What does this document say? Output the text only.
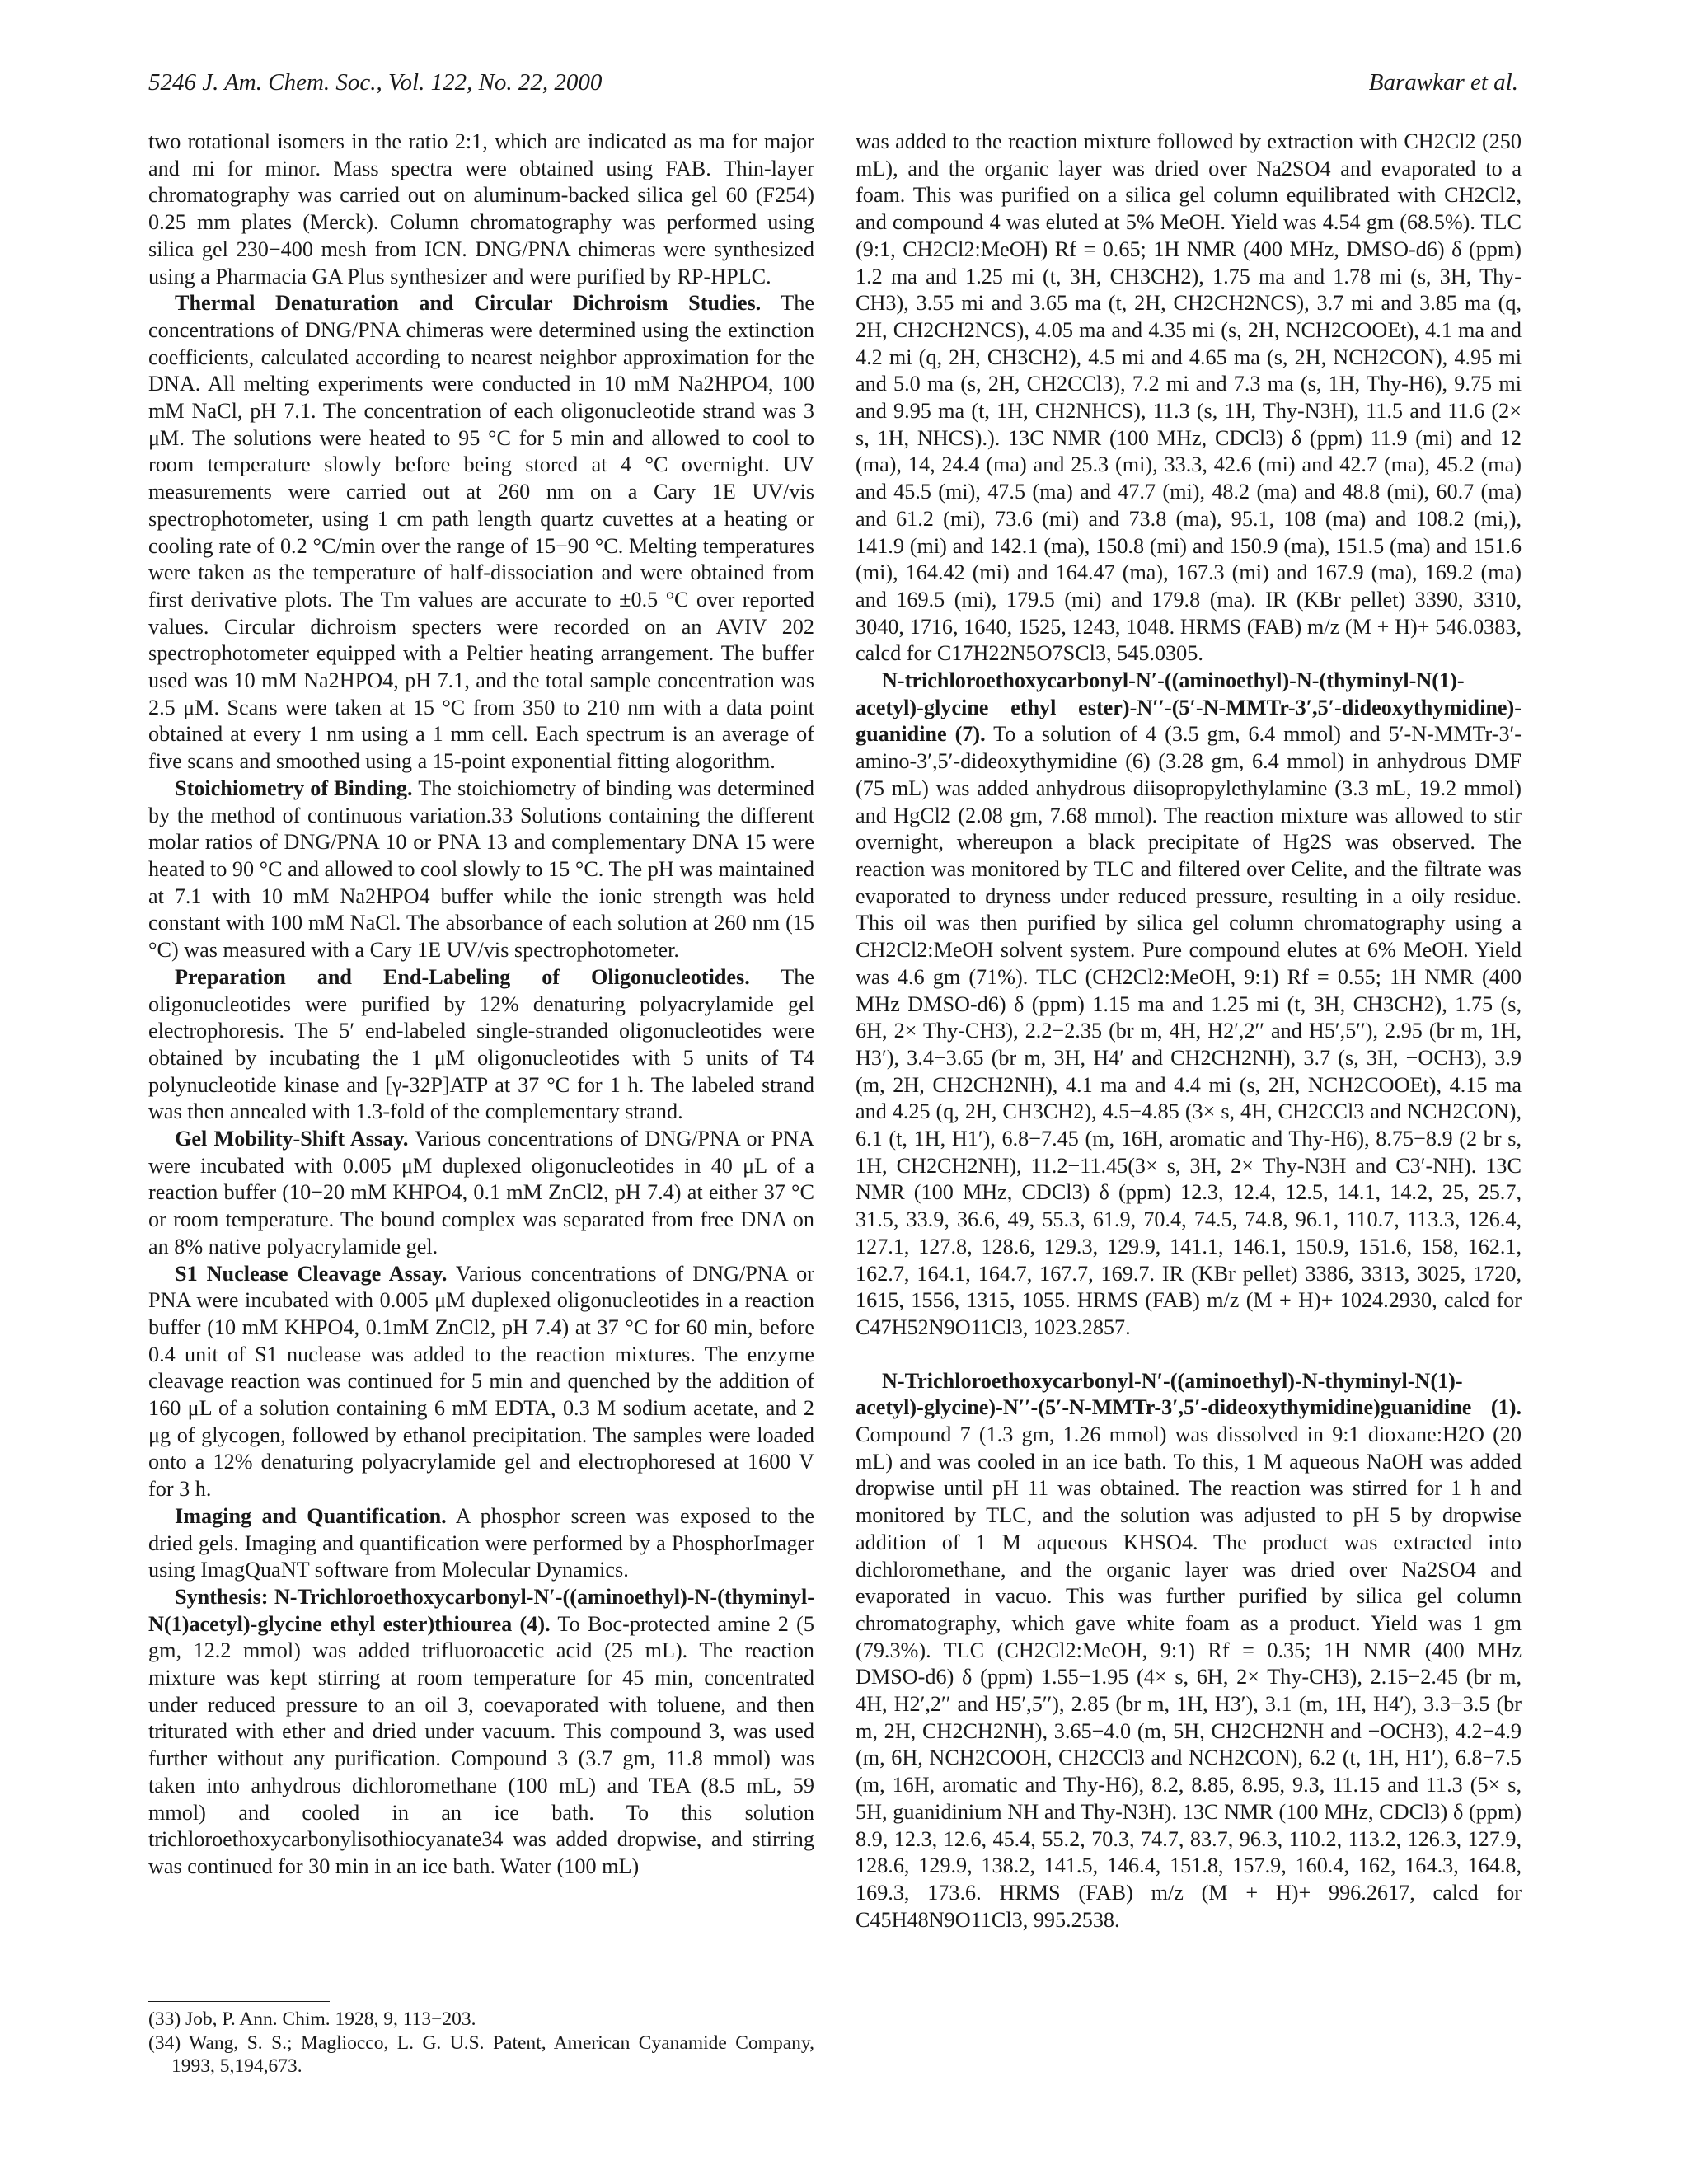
5246 J. Am. Chem. Soc., Vol. 122, No. 22, 2000	Barawkar et al.

two rotational isomers in the ratio 2:1, which are indicated as ma for major and mi for minor. Mass spectra were obtained using FAB. Thin-layer chromatography was carried out on aluminum-backed silica gel 60 (F254) 0.25 mm plates (Merck). Column chromatography was performed using silica gel 230−400 mesh from ICN. DNG/PNA chimeras were synthesized using a Pharmacia GA Plus synthesizer and were purified by RP-HPLC.

Thermal Denaturation and Circular Dichroism Studies. The concentrations of DNG/PNA chimeras were determined using the extinction coefficients, calculated according to nearest neighbor approximation for the DNA. All melting experiments were conducted in 10 mM Na2HPO4, 100 mM NaCl, pH 7.1. The concentration of each oligonucleotide strand was 3 μM. The solutions were heated to 95 °C for 5 min and allowed to cool to room temperature slowly before being stored at 4 °C overnight. UV measurements were carried out at 260 nm on a Cary 1E UV/vis spectrophotometer, using 1 cm path length quartz cuvettes at a heating or cooling rate of 0.2 °C/min over the range of 15−90 °C. Melting temperatures were taken as the temperature of half-dissociation and were obtained from first derivative plots. The Tm values are accurate to ±0.5 °C over reported values. Circular dichroism specters were recorded on an AVIV 202 spectrophotometer equipped with a Peltier heating arrangement. The buffer used was 10 mM Na2HPO4, pH 7.1, and the total sample concentration was 2.5 μM. Scans were taken at 15 °C from 350 to 210 nm with a data point obtained at every 1 nm using a 1 mm cell. Each spectrum is an average of five scans and smoothed using a 15-point exponential fitting alogorithm.

Stoichiometry of Binding. The stoichiometry of binding was determined by the method of continuous variation.33 Solutions containing the different molar ratios of DNG/PNA 10 or PNA 13 and complementary DNA 15 were heated to 90 °C and allowed to cool slowly to 15 °C. The pH was maintained at 7.1 with 10 mM Na2HPO4 buffer while the ionic strength was held constant with 100 mM NaCl. The absorbance of each solution at 260 nm (15 °C) was measured with a Cary 1E UV/vis spectrophotometer.

Preparation and End-Labeling of Oligonucleotides. The oligonucleotides were purified by 12% denaturing polyacrylamide gel electrophoresis. The 5′ end-labeled single-stranded oligonucleotides were obtained by incubating the 1 μM oligonucleotides with 5 units of T4 polynucleotide kinase and [γ-32P]ATP at 37 °C for 1 h. The labeled strand was then annealed with 1.3-fold of the complementary strand.

Gel Mobility-Shift Assay. Various concentrations of DNG/PNA or PNA were incubated with 0.005 μM duplexed oligonucleotides in 40 μL of a reaction buffer (10−20 mM KHPO4, 0.1 mM ZnCl2, pH 7.4) at either 37 °C or room temperature. The bound complex was separated from free DNA on an 8% native polyacrylamide gel.

S1 Nuclease Cleavage Assay. Various concentrations of DNG/PNA or PNA were incubated with 0.005 μM duplexed oligonucleotides in a reaction buffer (10 mM KHPO4, 0.1mM ZnCl2, pH 7.4) at 37 °C for 60 min, before 0.4 unit of S1 nuclease was added to the reaction mixtures. The enzyme cleavage reaction was continued for 5 min and quenched by the addition of 160 μL of a solution containing 6 mM EDTA, 0.3 M sodium acetate, and 2 μg of glycogen, followed by ethanol precipitation. The samples were loaded onto a 12% denaturing polyacrylamide gel and electrophoresed at 1600 V for 3 h.

Imaging and Quantification. A phosphor screen was exposed to the dried gels. Imaging and quantification were performed by a PhosphorImager using ImagQuaNT software from Molecular Dynamics.

Synthesis: N-Trichloroethoxycarbonyl-N′-((aminoethyl)-N-(thyminyl-N(1)acetyl)-glycine ethyl ester)thiourea (4). To Boc-protected amine 2 (5 gm, 12.2 mmol) was added trifluoroacetic acid (25 mL). The reaction mixture was kept stirring at room temperature for 45 min, concentrated under reduced pressure to an oil 3, coevaporated with toluene, and then triturated with ether and dried under vacuum. This compound 3, was used further without any purification. Compound 3 (3.7 gm, 11.8 mmol) was taken into anhydrous dichloromethane (100 mL) and TEA (8.5 mL, 59 mmol) and cooled in an ice bath. To this solution trichloroethoxycarbonylisothiocyanate34 was added dropwise, and stirring was continued for 30 min in an ice bath. Water (100 mL)

(33) Job, P. Ann. Chim. 1928, 9, 113−203.

(34) Wang, S. S.; Magliocco, L. G. U.S. Patent, American Cyanamide Company, 1993, 5,194,673.

was added to the reaction mixture followed by extraction with CH2Cl2 (250 mL), and the organic layer was dried over Na2SO4 and evaporated to a foam. This was purified on a silica gel column equilibrated with CH2Cl2, and compound 4 was eluted at 5% MeOH. Yield was 4.54 gm (68.5%). TLC (9:1, CH2Cl2:MeOH) Rf = 0.65; 1H NMR (400 MHz, DMSO-d6) δ (ppm) 1.2 ma and 1.25 mi (t, 3H, CH3CH2), 1.75 ma and 1.78 mi (s, 3H, Thy-CH3), 3.55 mi and 3.65 ma (t, 2H, CH2CH2NCS), 3.7 mi and 3.85 ma (q, 2H, CH2CH2NCS), 4.05 ma and 4.35 mi (s, 2H, NCH2COOEt), 4.1 ma and 4.2 mi (q, 2H, CH3CH2), 4.5 mi and 4.65 ma (s, 2H, NCH2CON), 4.95 mi and 5.0 ma (s, 2H, CH2CCl3), 7.2 mi and 7.3 ma (s, 1H, Thy-H6), 9.75 mi and 9.95 ma (t, 1H, CH2NHCS), 11.3 (s, 1H, Thy-N3H), 11.5 and 11.6 (2× s, 1H, NHCS).). 13C NMR (100 MHz, CDCl3) δ (ppm) 11.9 (mi) and 12 (ma), 14, 24.4 (ma) and 25.3 (mi), 33.3, 42.6 (mi) and 42.7 (ma), 45.2 (ma) and 45.5 (mi), 47.5 (ma) and 47.7 (mi), 48.2 (ma) and 48.8 (mi), 60.7 (ma) and 61.2 (mi), 73.6 (mi) and 73.8 (ma), 95.1, 108 (ma) and 108.2 (mi,), 141.9 (mi) and 142.1 (ma), 150.8 (mi) and 150.9 (ma), 151.5 (ma) and 151.6 (mi), 164.42 (mi) and 164.47 (ma), 167.3 (mi) and 167.9 (ma), 169.2 (ma) and 169.5 (mi), 179.5 (mi) and 179.8 (ma). IR (KBr pellet) 3390, 3310, 3040, 1716, 1640, 1525, 1243, 1048. HRMS (FAB) m/z (M + H)+ 546.0383, calcd for C17H22N5O7SCl3, 545.0305.

N-trichloroethoxycarbonyl-N′-((aminoethyl)-N-(thyminyl-N(1)-acetyl)-glycine ethyl ester)-N′′-(5′-N-MMTr-3′,5′-dideoxythymidine)-guanidine (7). To a solution of 4 (3.5 gm, 6.4 mmol) and 5′-N-MMTr-3′-amino-3′,5′-dideoxythymidine (6) (3.28 gm, 6.4 mmol) in anhydrous DMF (75 mL) was added anhydrous diisopropylethylamine (3.3 mL, 19.2 mmol) and HgCl2 (2.08 gm, 7.68 mmol). The reaction mixture was allowed to stir overnight, whereupon a black precipitate of Hg2S was observed. The reaction was monitored by TLC and filtered over Celite, and the filtrate was evaporated to dryness under reduced pressure, resulting in a oily residue. This oil was then purified by silica gel column chromatography using a CH2Cl2:MeOH solvent system. Pure compound elutes at 6% MeOH. Yield was 4.6 gm (71%). TLC (CH2Cl2:MeOH, 9:1) Rf = 0.55; 1H NMR (400 MHz DMSO-d6) δ (ppm) 1.15 ma and 1.25 mi (t, 3H, CH3CH2), 1.75 (s, 6H, 2× Thy-CH3), 2.2−2.35 (br m, 4H, H2′,2′′ and H5′,5′′), 2.95 (br m, 1H, H3′), 3.4−3.65 (br m, 3H, H4′ and CH2CH2NH), 3.7 (s, 3H, −OCH3), 3.9 (m, 2H, CH2CH2NH), 4.1 ma and 4.4 mi (s, 2H, NCH2COOEt), 4.15 ma and 4.25 (q, 2H, CH3CH2), 4.5−4.85 (3× s, 4H, CH2CCl3 and NCH2CON), 6.1 (t, 1H, H1′), 6.8−7.45 (m, 16H, aromatic and Thy-H6), 8.75−8.9 (2 br s, 1H, CH2CH2NH), 11.2−11.45(3× s, 3H, 2× Thy-N3H and C3′-NH). 13C NMR (100 MHz, CDCl3) δ (ppm) 12.3, 12.4, 12.5, 14.1, 14.2, 25, 25.7, 31.5, 33.9, 36.6, 49, 55.3, 61.9, 70.4, 74.5, 74.8, 96.1, 110.7, 113.3, 126.4, 127.1, 127.8, 128.6, 129.3, 129.9, 141.1, 146.1, 150.9, 151.6, 158, 162.1, 162.7, 164.1, 164.7, 167.7, 169.7. IR (KBr pellet) 3386, 3313, 3025, 1720, 1615, 1556, 1315, 1055. HRMS (FAB) m/z (M + H)+ 1024.2930, calcd for C47H52N9O11Cl3, 1023.2857.

N-Trichloroethoxycarbonyl-N′-((aminoethyl)-N-thyminyl-N(1)-acetyl)-glycine)-N′′-(5′-N-MMTr-3′,5′-dideoxythymidine)guanidine (1). Compound 7 (1.3 gm, 1.26 mmol) was dissolved in 9:1 dioxane:H2O (20 mL) and was cooled in an ice bath. To this, 1 M aqueous NaOH was added dropwise until pH 11 was obtained. The reaction was stirred for 1 h and monitored by TLC, and the solution was adjusted to pH 5 by dropwise addition of 1 M aqueous KHSO4. The product was extracted into dichloromethane, and the organic layer was dried over Na2SO4 and evaporated in vacuo. This was further purified by silica gel column chromatography, which gave white foam as a product. Yield was 1 gm (79.3%). TLC (CH2Cl2:MeOH, 9:1) Rf = 0.35; 1H NMR (400 MHz DMSO-d6) δ (ppm) 1.55−1.95 (4× s, 6H, 2× Thy-CH3), 2.15−2.45 (br m, 4H, H2′,2′′ and H5′,5′′), 2.85 (br m, 1H, H3′), 3.1 (m, 1H, H4′), 3.3−3.5 (br m, 2H, CH2CH2NH), 3.65−4.0 (m, 5H, CH2CH2NH and −OCH3), 4.2−4.9 (m, 6H, NCH2COOH, CH2CCl3 and NCH2CON), 6.2 (t, 1H, H1′), 6.8−7.5 (m, 16H, aromatic and Thy-H6), 8.2, 8.85, 8.95, 9.3, 11.15 and 11.3 (5× s, 5H, guanidinium NH and Thy-N3H). 13C NMR (100 MHz, CDCl3) δ (ppm) 8.9, 12.3, 12.6, 45.4, 55.2, 70.3, 74.7, 83.7, 96.3, 110.2, 113.2, 126.3, 127.9, 128.6, 129.9, 138.2, 141.5, 146.4, 151.8, 157.9, 160.4, 162, 164.3, 164.8, 169.3, 173.6. HRMS (FAB) m/z (M + H)+ 996.2617, calcd for C45H48N9O11Cl3, 995.2538.
